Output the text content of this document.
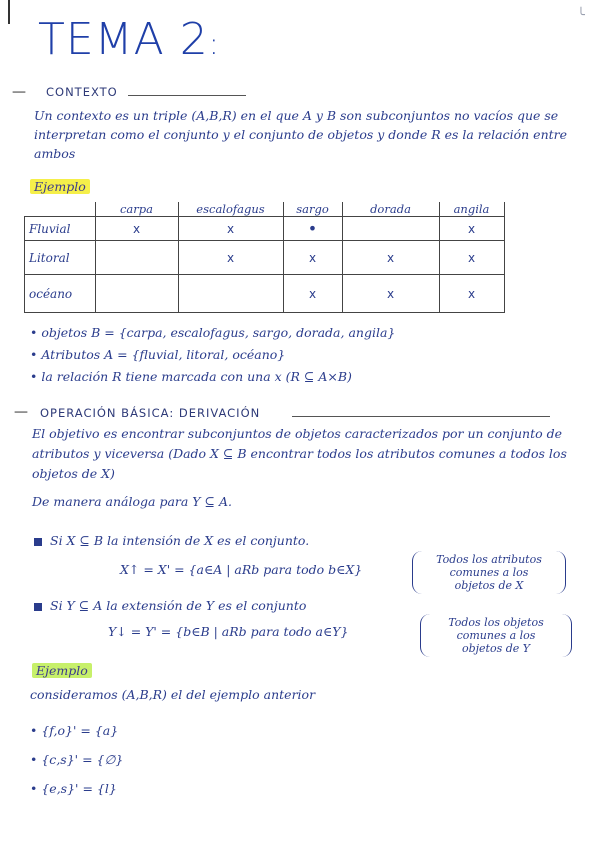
╰
TEMA 2:
— CONTEXTO
Un contexto es un triple (A,B,R) en el que A y B son subconjuntos no vacíos que se interpretan como el conjunto y el conjunto de objetos y donde R es la relación entre ambos
Ejemplo
	carpa	escalofagus	sargo	dorada	angila
Fluvial	x	x	•		x
Litoral		x	x	x	x
océano			x	x	x
• objetos B = {carpa, escalofagus, sargo, dorada, angila}
• Atributos A = {fluvial, litoral, océano}
• la relación R tiene marcada con una x (R ⊆ A×B)
— OPERACIÓN BÁSICA: DERIVACIÓN
El objetivo es encontrar subconjuntos de objetos caracterizados por un conjunto de atributos y viceversa (Dado X ⊆ B encontrar todos los atributos comunes a todos los objetos de X)
De manera análoga para Y ⊆ A.
Si X ⊆ B la intensión de X es el conjunto.
X↑ = X' = {a∈A | aRb para todo b∈X}
Todos los atributos
comunes a los
objetos de X
Si Y ⊆ A la extensión de Y es el conjunto
Y↓ = Y' = {b∈B | aRb para todo a∈Y}
Todos los objetos
comunes a los
objetos de Y
Ejemplo
consideramos (A,B,R) el del ejemplo anterior
• {f,o}' = {a}
• {c,s}' = {∅}
• {e,s}' = {l}
